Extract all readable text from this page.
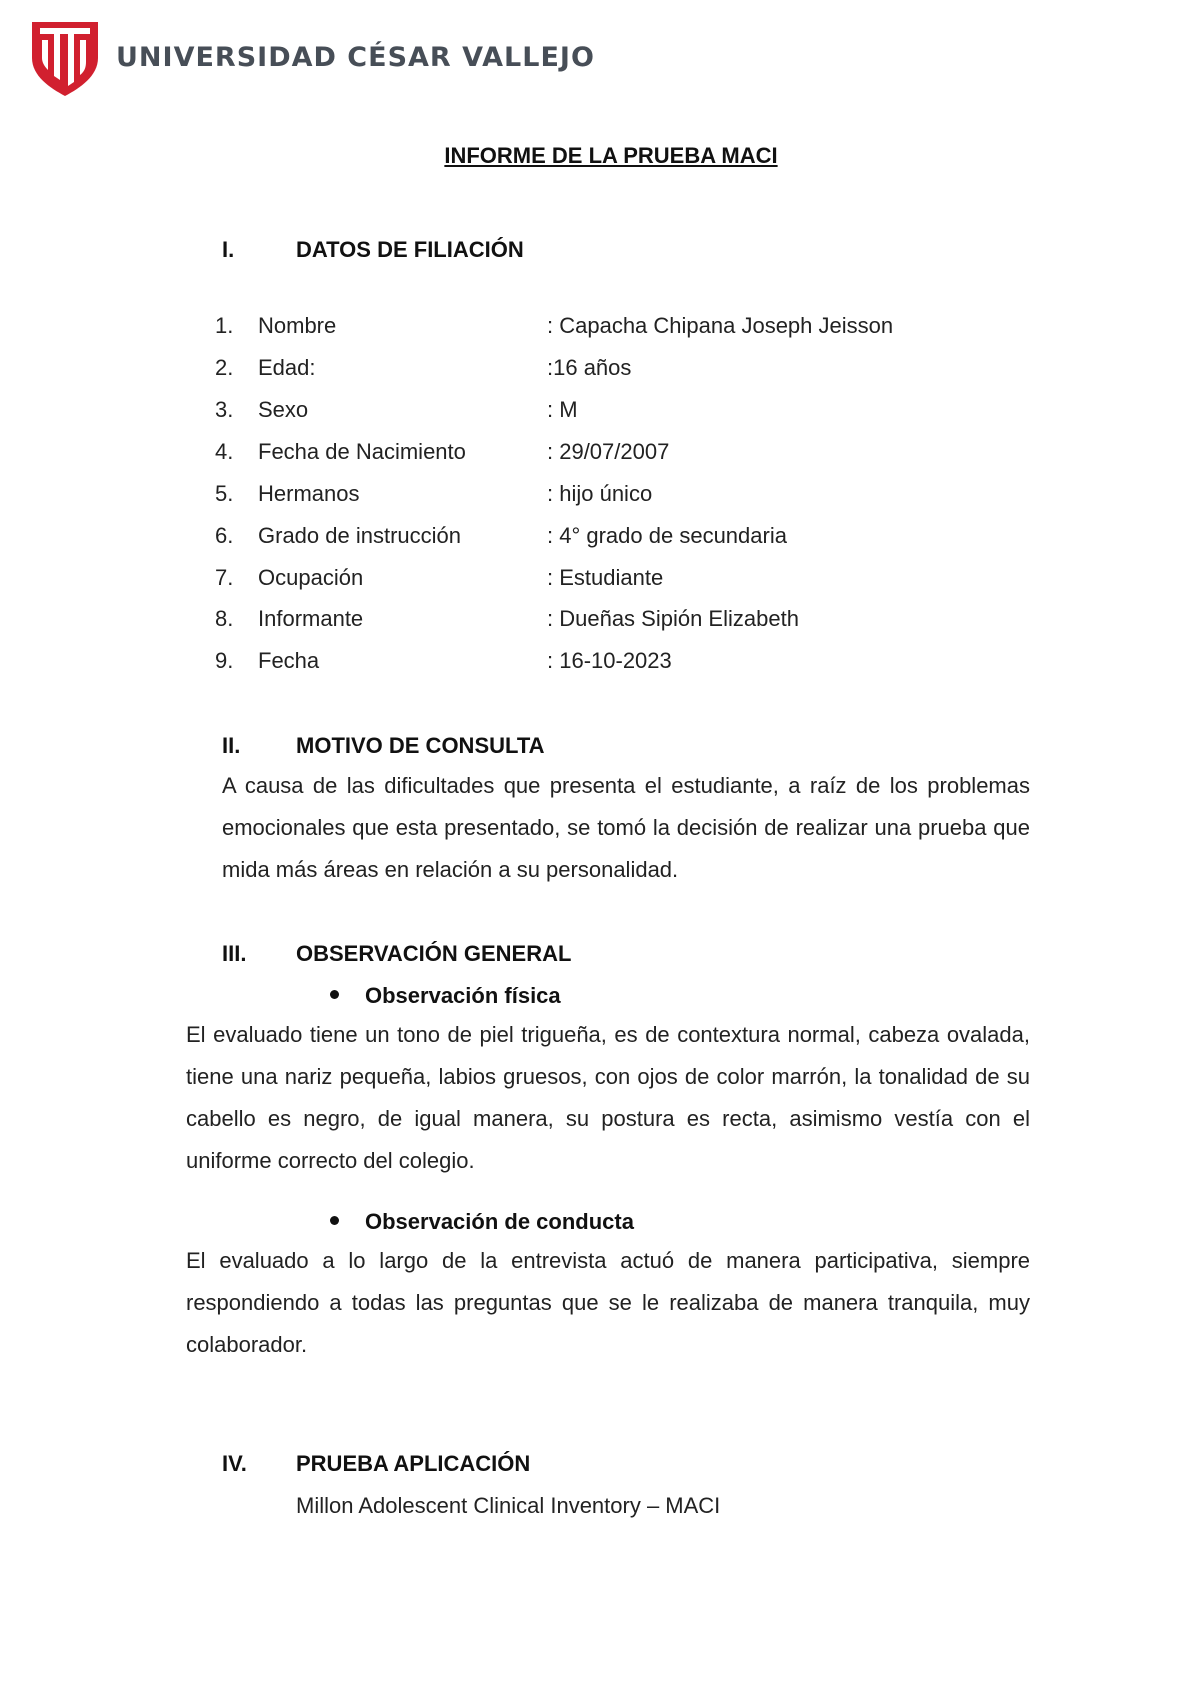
UNIVERSIDAD CÉSAR VALLEJO
INFORME DE LA PRUEBA MACI
I.	DATOS DE FILIACIÓN
1. Nombre	: Capacha Chipana Joseph Jeisson
2. Edad:	:16 años
3. Sexo	: M
4. Fecha de Nacimiento	: 29/07/2007
5. Hermanos	: hijo único
6. Grado de instrucción	: 4° grado de secundaria
7. Ocupación	: Estudiante
8. Informante	: Dueñas Sipión Elizabeth
9. Fecha	: 16-10-2023
II.	MOTIVO DE CONSULTA
A causa de las dificultades que presenta el estudiante, a raíz de los problemas emocionales que esta presentado, se tomó la decisión de realizar una prueba que mida más áreas en relación a su personalidad.
III. OBSERVACIÓN GENERAL
Observación física
El evaluado tiene un tono de piel trigueña, es de contextura normal, cabeza ovalada, tiene una nariz pequeña, labios gruesos, con ojos de color marrón, la tonalidad de su cabello es negro, de igual manera, su postura es recta, asimismo vestía con el uniforme correcto del colegio.
Observación de conducta
El evaluado a lo largo de la entrevista actuó de manera participativa, siempre respondiendo a todas las preguntas que se le realizaba de manera tranquila, muy colaborador.
IV. PRUEBA APLICACIÓN
Millon Adolescent Clinical Inventory – MACI
